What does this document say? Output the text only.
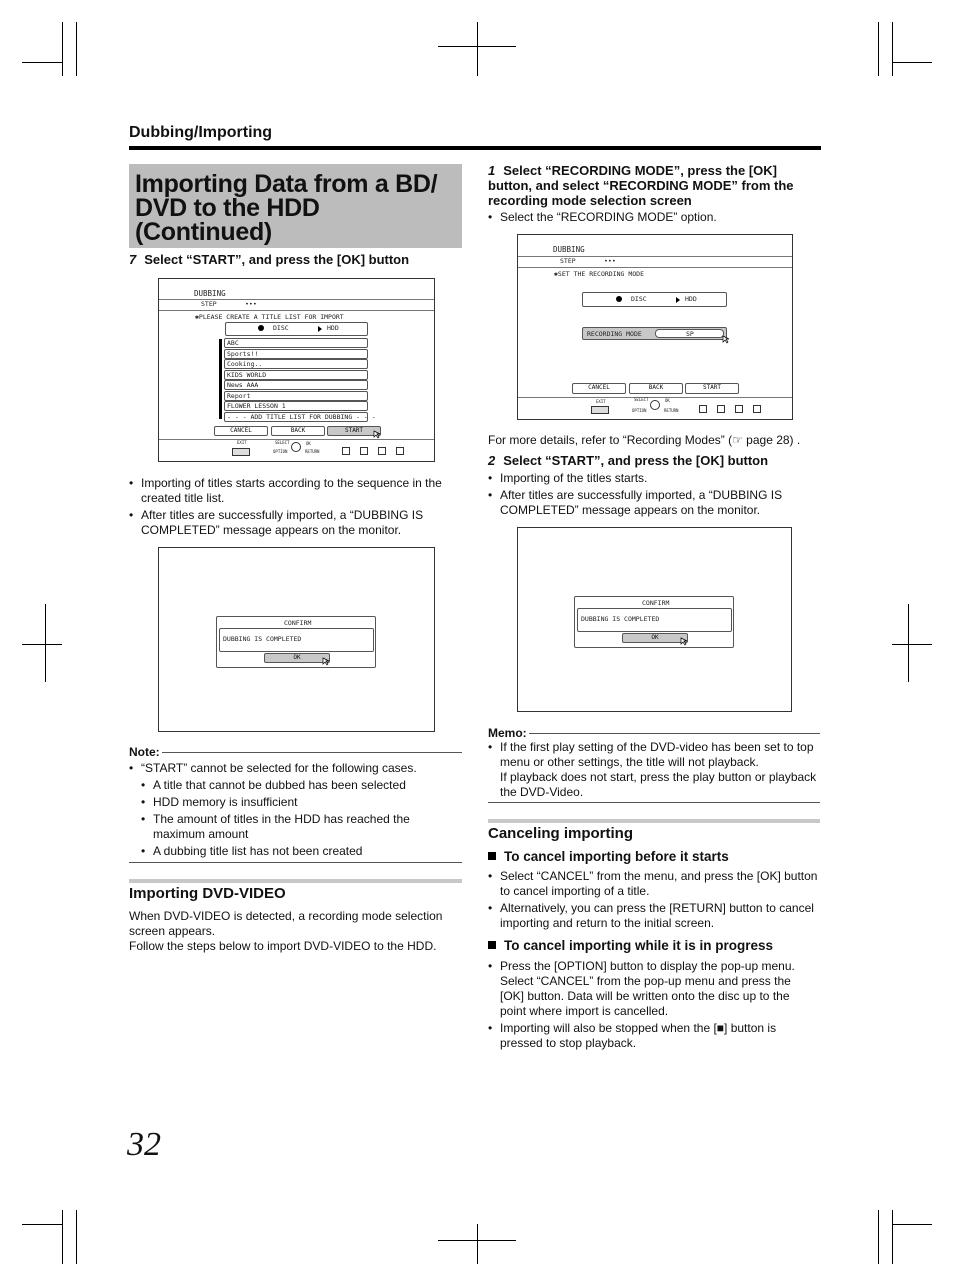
Dubbing/Importing
Importing Data from a BD/
DVD to the HDD
(Continued)
7 Select “START”, and press the [OK] button
DUBBING
STEP	•••
✱PLEASE CREATE A TITLE LIST FOR IMPORT
DISC	HDD
ABC
Sports!!
Cooking..
KIDS WORLD
News AAA
Report
FLOWER LESSON 1
- - - ADD TITLE LIST FOR DUBBING - - -
CANCEL	BACK	START
EXIT	SELECT	OK
OPTION	RETURN
• Importing of titles starts according to the sequence in the created title list.
• After titles are successfully imported, a “DUBBING IS COMPLETED” message appears on the monitor.
CONFIRM
DUBBING IS COMPLETED
OK
Note:
• “START” cannot be selected for the following cases.
• A title that cannot be dubbed has been selected
• HDD memory is insufficient
• The amount of titles in the HDD has reached the maximum amount
• A dubbing title list has not been created
Importing DVD-VIDEO
When DVD-VIDEO is detected, a recording mode selection screen appears.
Follow the steps below to import DVD-VIDEO to the HDD.
1 Select “RECORDING MODE”, press the [OK] button, and select “RECORDING MODE” from the recording mode selection screen
• Select the “RECORDING MODE” option.
DUBBING
STEP	•••
✱SET THE RECORDING MODE
DISC	HDD
RECORDING MODE	SP
CANCEL	BACK	START
EXIT	SELECT	OK
OPTION	RETURN
For more details, refer to “Recording Modes” (☞ page 28) .
2 Select “START”, and press the [OK] button
• Importing of the titles starts.
• After titles are successfully imported, a “DUBBING IS COMPLETED” message appears on the monitor.
CONFIRM
DUBBING IS COMPLETED
OK
Memo:
• If the first play setting of the DVD-video has been set to top menu or other settings, the title will not playback.
If playback does not start, press the play button or playback the DVD-Video.
Canceling importing
To cancel importing before it starts
• Select “CANCEL” from the menu, and press the [OK] button to cancel importing of a title.
• Alternatively, you can press the [RETURN] button to cancel importing and return to the initial screen.
To cancel importing while it is in progress
• Press the [OPTION] button to display the pop-up menu. Select “CANCEL” from the pop-up menu and press the [OK] button. Data will be written onto the disc up to the point where import is cancelled.
• Importing will also be stopped when the [■] button is pressed to stop playback.
32
